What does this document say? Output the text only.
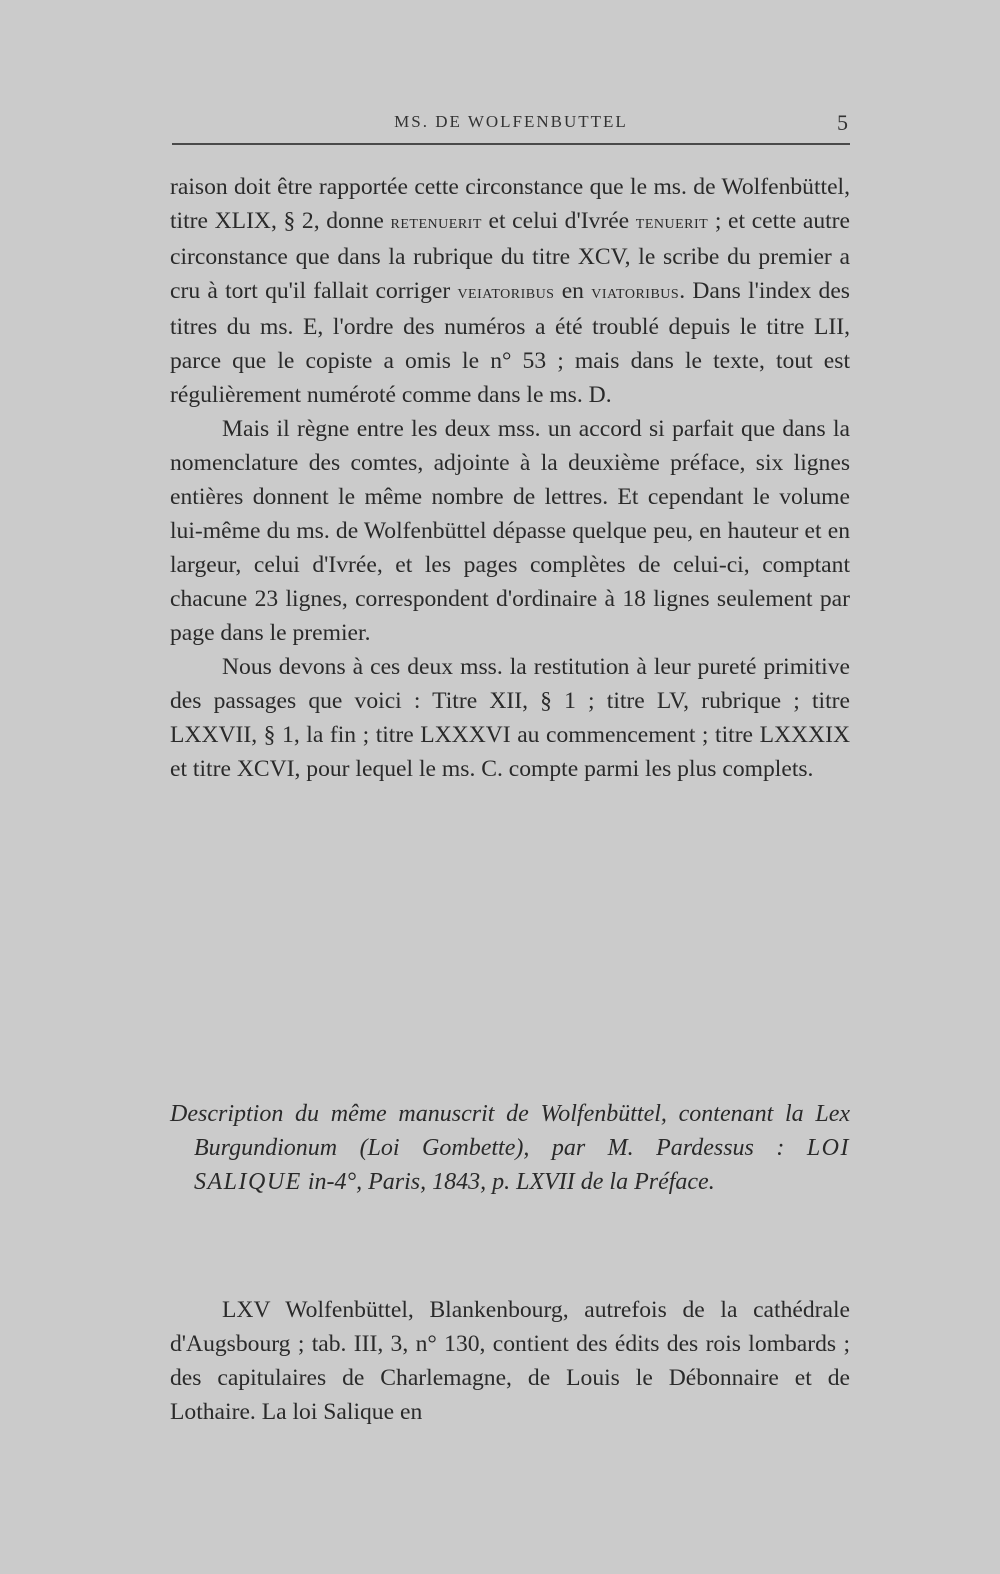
MS. DE WOLFENBUTTEL	5

raison doit être rapportée cette circonstance que le ms. de Wolfenbüttel, titre XLIX, § 2, donne retenuerit et celui d'Ivrée tenuerit ; et cette autre circonstance que dans la rubrique du titre XCV, le scribe du premier a cru à tort qu'il fallait corriger veiatoribus en viatoribus. Dans l'index des titres du ms. E, l'ordre des numéros a été troublé depuis le titre LII, parce que le copiste a omis le n° 53 ; mais dans le texte, tout est régulièrement numéroté comme dans le ms. D.

Mais il règne entre les deux mss. un accord si parfait que dans la nomenclature des comtes, adjointe à la deuxième préface, six lignes entières donnent le même nombre de lettres. Et cependant le volume lui-même du ms. de Wolfenbüttel dépasse quelque peu, en hauteur et en largeur, celui d'Ivrée, et les pages complètes de celui-ci, comptant chacune 23 lignes, correspondent d'ordinaire à 18 lignes seulement par page dans le premier.

Nous devons à ces deux mss. la restitution à leur pureté primitive des passages que voici : Titre XII, § 1 ; titre LV, rubrique ; titre LXXVII, § 1, la fin ; titre LXXXVI au commencement ; titre LXXXIX et titre XCVI, pour lequel le ms. C. compte parmi les plus complets.

Description du même manuscrit de Wolfenbüttel, contenant la Lex Burgundionum (Loi Gombette), par M. Pardessus : LOI SALIQUE in-4°, Paris, 1843, p. LXVII de la Préface.

LXV Wolfenbüttel, Blankenbourg, autrefois de la cathédrale d'Augsbourg ; tab. III, 3, n° 130, contient des édits des rois lombards ; des capitulaires de Charlemagne, de Louis le Débonnaire et de Lothaire. La loi Salique en
